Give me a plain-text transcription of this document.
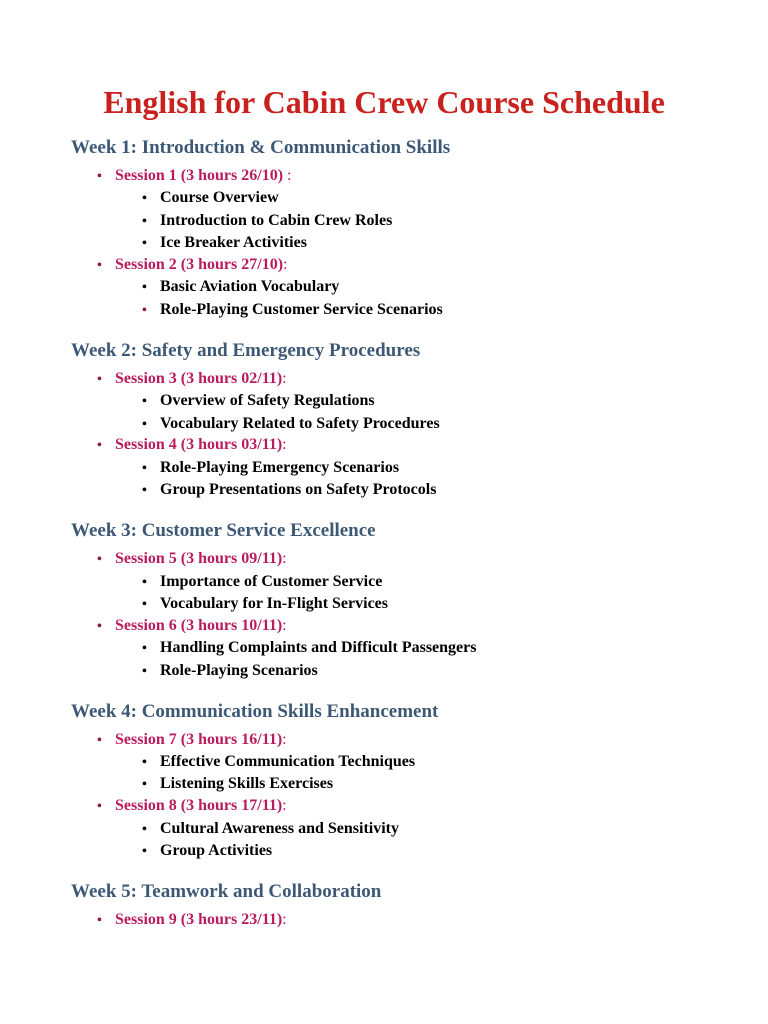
English for Cabin Crew Course Schedule
Week 1: Introduction & Communication Skills
• Session 1 (3 hours 26/10) :
• Course Overview
• Introduction to Cabin Crew Roles
• Ice Breaker Activities
• Session 2 (3 hours 27/10):
• Basic Aviation Vocabulary
• Role-Playing Customer Service Scenarios
Week 2: Safety and Emergency Procedures
• Session 3 (3 hours 02/11):
• Overview of Safety Regulations
• Vocabulary Related to Safety Procedures
• Session 4 (3 hours 03/11):
• Role-Playing Emergency Scenarios
• Group Presentations on Safety Protocols
Week 3: Customer Service Excellence
• Session 5 (3 hours 09/11):
• Importance of Customer Service
• Vocabulary for In-Flight Services
• Session 6 (3 hours 10/11):
• Handling Complaints and Difficult Passengers
• Role-Playing Scenarios
Week 4: Communication Skills Enhancement
• Session 7 (3 hours 16/11):
• Effective Communication Techniques
• Listening Skills Exercises
• Session 8 (3 hours 17/11):
• Cultural Awareness and Sensitivity
• Group Activities
Week 5: Teamwork and Collaboration
• Session 9 (3 hours 23/11):
